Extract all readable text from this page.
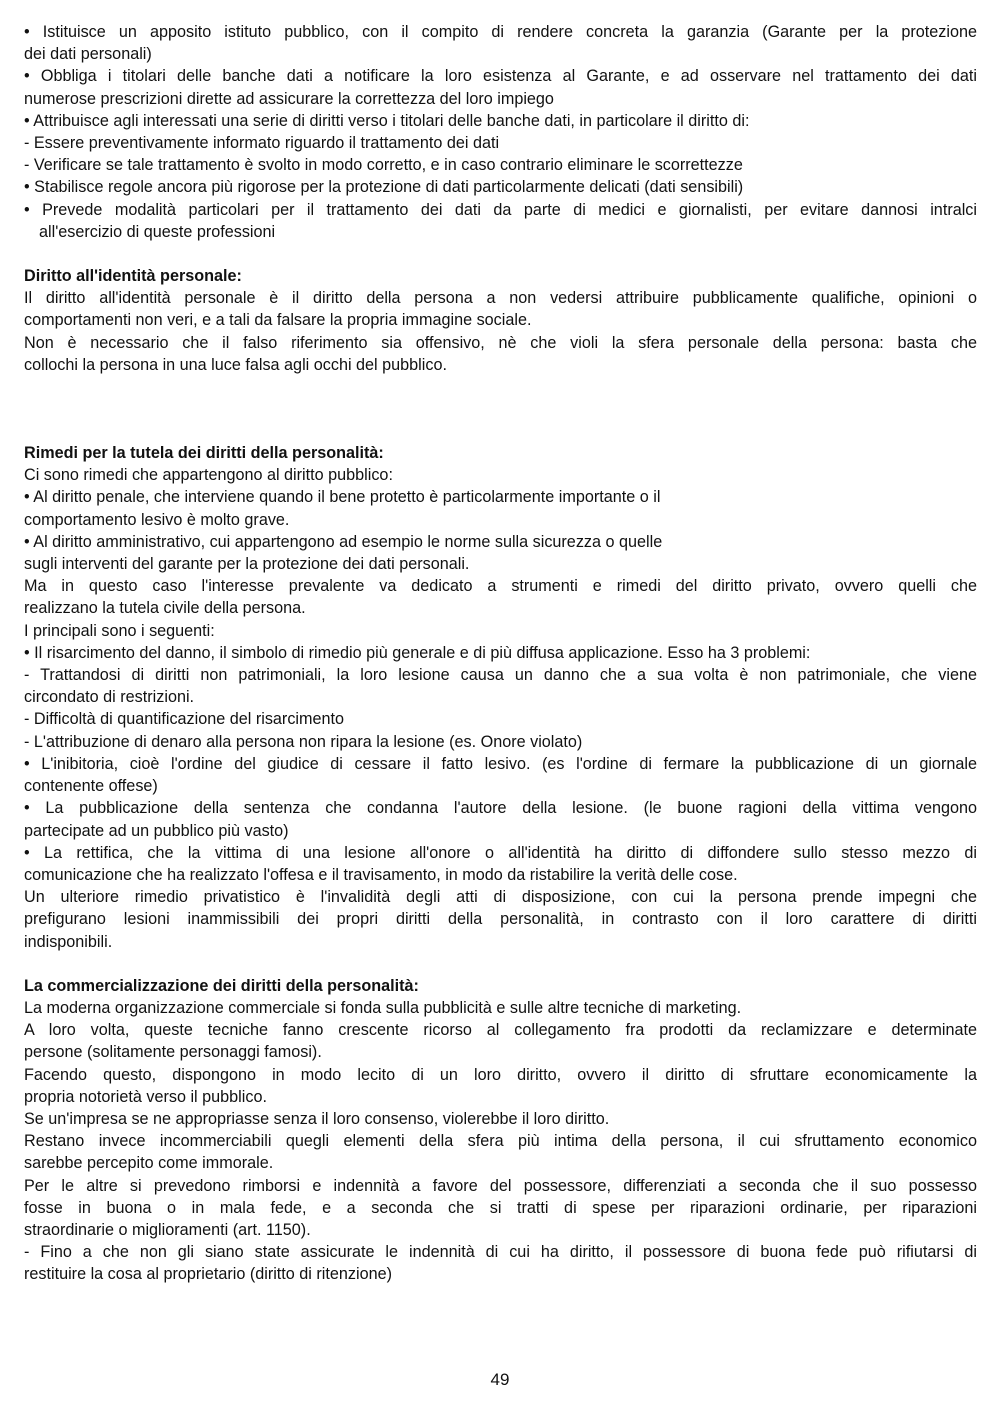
• Istituisce un apposito istituto pubblico, con il compito di rendere concreta la garanzia (Garante per la protezione
dei dati personali)
• Obbliga i titolari delle banche dati a notificare la loro esistenza al Garante, e ad osservare nel trattamento dei dati
numerose prescrizioni dirette ad assicurare la correttezza del loro impiego
• Attribuisce agli interessati una serie di diritti verso i titolari delle banche dati, in particolare il diritto di:
- Essere preventivamente informato riguardo il trattamento dei dati
- Verificare se tale trattamento è svolto in modo corretto, e in caso contrario eliminare le scorrettezze
• Stabilisce regole ancora più rigorose per la protezione di dati particolarmente delicati (dati sensibili)
• Prevede modalità particolari per il trattamento dei dati da parte di medici e giornalisti, per evitare dannosi intralci
all'esercizio di queste professioni
Diritto all'identità personale:
Il diritto all'identità personale è il diritto della persona a non vedersi attribuire pubblicamente qualifiche, opinioni o
comportamenti non veri, e a tali da falsare la propria immagine sociale.
Non è necessario che il falso riferimento sia offensivo, nè che violi la sfera personale della persona: basta che
collochi la persona in una luce falsa agli occhi del pubblico.
Rimedi per la tutela dei diritti della personalità:
Ci sono rimedi che appartengono al diritto pubblico:
• Al diritto penale, che interviene quando il bene protetto è particolarmente importante o il
comportamento lesivo è molto grave.
• Al diritto amministrativo, cui appartengono ad esempio le norme sulla sicurezza o quelle
sugli interventi del garante per la protezione dei dati personali.
Ma in questo caso l'interesse prevalente va dedicato a strumenti e rimedi del diritto privato, ovvero quelli che
realizzano la tutela civile della persona.
I principali sono i seguenti:
• Il risarcimento del danno, il simbolo di rimedio più generale e di più diffusa applicazione. Esso ha 3 problemi:
- Trattandosi di diritti non patrimoniali, la loro lesione causa un danno che a sua volta è non patrimoniale, che viene
circondato di restrizioni.
- Difficoltà di quantificazione del risarcimento
- L'attribuzione di denaro alla persona non ripara la lesione (es. Onore violato)
• L'inibitoria, cioè l'ordine del giudice di cessare il fatto lesivo. (es l'ordine di fermare la pubblicazione di un giornale
contenente offese)
• La pubblicazione della sentenza che condanna l'autore della lesione. (le buone ragioni della vittima vengono
partecipate ad un pubblico più vasto)
• La rettifica, che la vittima di una lesione all'onore o all'identità ha diritto di diffondere sullo stesso mezzo di
comunicazione che ha realizzato l'offesa e il travisamento, in modo da ristabilire la verità delle cose.
Un ulteriore rimedio privatistico è l'invalidità degli atti di disposizione, con cui la persona prende impegni che
prefigurano lesioni inammissibili dei propri diritti della personalità, in contrasto con il loro carattere di diritti
indisponibili.
La commercializzazione dei diritti della personalità:
La moderna organizzazione commerciale si fonda sulla pubblicità e sulle altre tecniche di marketing.
A loro volta, queste tecniche fanno crescente ricorso al collegamento fra prodotti da reclamizzare e determinate
persone (solitamente personaggi famosi).
Facendo questo, dispongono in modo lecito di un loro diritto, ovvero il diritto di sfruttare economicamente la
propria notorietà verso il pubblico.
Se un'impresa se ne appropriasse senza il loro consenso, violerebbe il loro diritto.
Restano invece incommerciabili quegli elementi della sfera più intima della persona, il cui sfruttamento economico
sarebbe percepito come immorale.
Per le altre si prevedono rimborsi e indennità a favore del possessore, differenziati a seconda che il suo possesso
fosse in buona o in mala fede, e a seconda che si tratti di spese per riparazioni ordinarie, per riparazioni
straordinarie o miglioramenti (art. 1150).
- Fino a che non gli siano state assicurate le indennità di cui ha diritto, il possessore di buona fede può rifiutarsi di
restituire la cosa al proprietario (diritto di ritenzione)
49
